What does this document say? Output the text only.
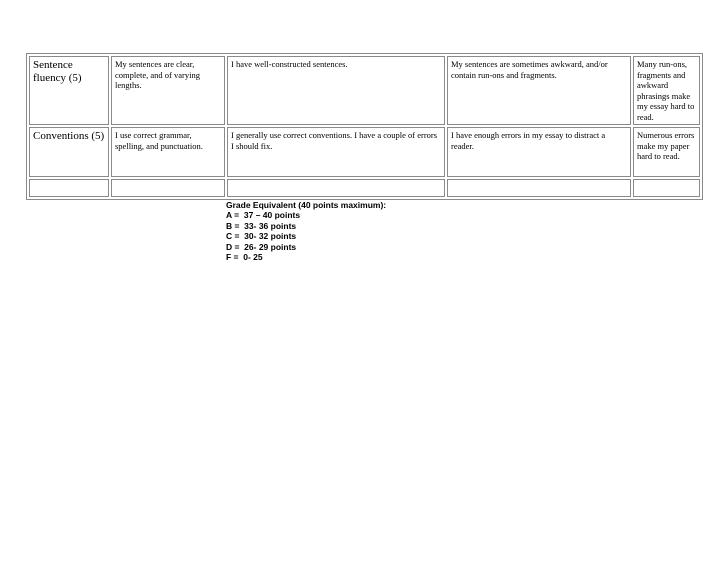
Sentence fluency (5)	My sentences are clear, complete, and of varying lengths.	I have well-constructed sentences.	My sentences are sometimes awkward, and/or contain run-ons and fragments.	Many run-ons, fragments and awkward phrasings make my essay hard to read.
Conventions (5)	I use correct grammar, spelling, and punctuation.	I generally use correct conventions. I have a couple of errors I should fix.	I have enough errors in my essay to distract a reader.	Numerous errors make my paper hard to read.

Grade Equivalent (40 points maximum):
A =  37 – 40 points
B =  33- 36 points
C =  30- 32 points
D =  26- 29 points
F =  0- 25
